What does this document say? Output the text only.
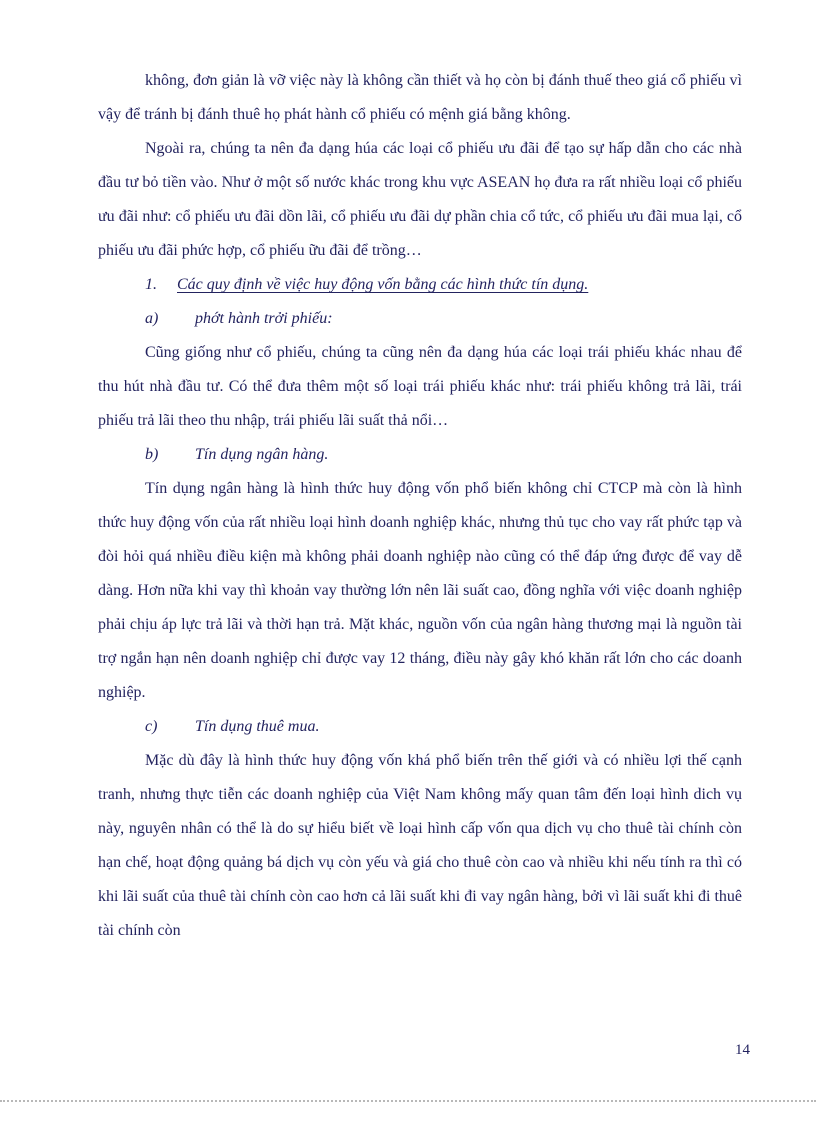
không, đơn giản là vỡ việc này là không cần thiết và họ còn bị đánh thuế theo giá cổ phiếu vì vậy để tránh bị đánh thuê họ phát hành cổ phiếu có mệnh giá bằng không.

Ngoài ra, chúng ta nên đa dạng húa các loại cổ phiếu ưu đãi để tạo sự hấp dẫn cho các nhà đầu tư bỏ tiền vào. Như ở một số nước khác trong khu vực ASEAN họ đưa ra rất nhiều loại cổ phiếu ưu đãi như: cổ phiếu ưu đãi dồn lãi, cổ phiếu ưu đãi dự phần chia cổ tức, cổ phiếu ưu đãi mua lại, cổ phiếu ưu đãi phức hợp, cổ phiếu ữu đãi để trồng…

1. Các quy định về việc huy động vốn bằng các hình thức tín dụng.

a) phớt hành trởi phiếu:

Cũng giống như cổ phiếu, chúng ta cũng nên đa dạng húa các loại trái phiếu khác nhau để thu hút nhà đầu tư. Có thể đưa thêm một số loại trái phiếu khác như: trái phiếu không trả lãi, trái phiếu trả lãi theo thu nhập, trái phiếu lãi suất thả nổi…

b) Tín dụng ngân hàng.

Tín dụng ngân hàng là hình thức huy động vốn phổ biến không chỉ CTCP mà còn là hình thức huy động vốn của rất nhiều loại hình doanh nghiệp khác, nhưng thủ tục cho vay rất phức tạp và đòi hỏi quá nhiều điều kiện mà không phải doanh nghiệp nào cũng có thể đáp ứng được để vay dễ dàng. Hơn nữa khi vay thì khoản vay thường lớn nên lãi suất cao, đồng nghĩa với việc doanh nghiệp phải chịu áp lực trả lãi và thời hạn trả. Mặt khác, nguồn vốn của ngân hàng thương mại là nguồn tài trợ ngắn hạn nên doanh nghiệp chỉ được vay 12 tháng, điều này gây khó khăn rất lớn cho các doanh nghiệp.

c) Tín dụng thuê mua.

Mặc dù đây là hình thức huy động vốn khá phổ biến trên thế giới và có nhiều lợi thế cạnh tranh, nhưng thực tiễn các doanh nghiệp của Việt Nam không mấy quan tâm đến loại hình dich vụ này, nguyên nhân có thể là do sự hiểu biết về loại hình cấp vốn qua dịch vụ cho thuê tài chính còn hạn chế, hoạt động quảng bá dịch vụ còn yếu và giá cho thuê còn cao và nhiều khi nếu tính ra thì có khi lãi suất của thuê tài chính còn cao hơn cả lãi suất khi đi vay ngân hàng, bởi vì lãi suất khi đi thuê tài chính còn

14
